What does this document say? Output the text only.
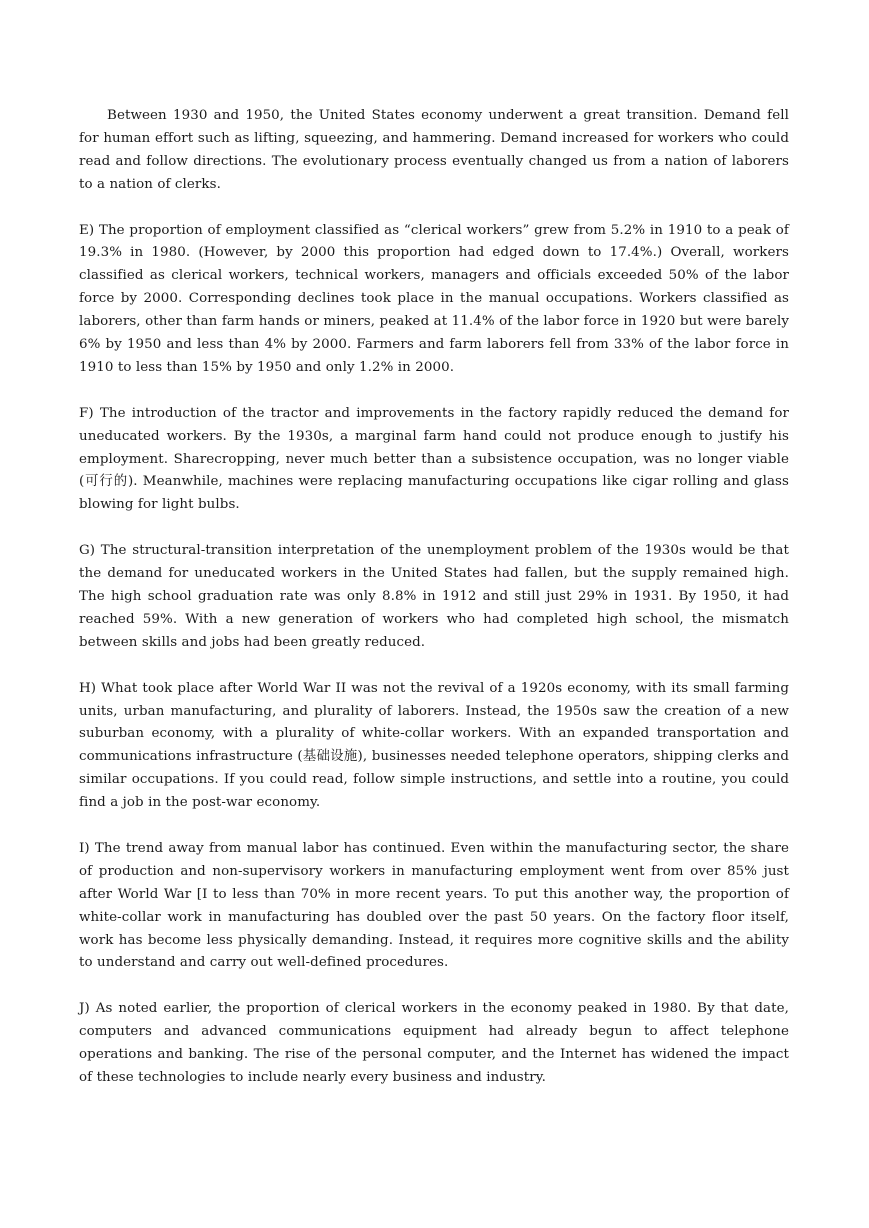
Between 1930 and 1950, the United States economy underwent a great transition. Demand fell for human effort such as lifting, squeezing, and hammering. Demand increased for workers who could read and follow directions. The evolutionary process eventually changed us from a nation of laborers to a nation of clerks.

E) The proportion of employment classified as “clerical workers” grew from 5.2% in 1910 to a peak of 19.3% in 1980. (However, by 2000 this proportion had edged down to 17.4%.) Overall, workers classified as clerical workers, technical workers, managers and officials exceeded 50% of the labor force by 2000. Corresponding declines took place in the manual occupations. Workers classified as laborers, other than farm hands or miners, peaked at 11.4% of the labor force in 1920 but were barely 6% by 1950 and less than 4% by 2000. Farmers and farm laborers fell from 33% of the labor force in 1910 to less than 15% by 1950 and only 1.2% in 2000.

F) The introduction of the tractor and improvements in the factory rapidly reduced the demand for uneducated workers. By the 1930s, a marginal farm hand could not produce enough to justify his employment. Sharecropping, never much better than a subsistence occupation, was no longer viable (可行的). Meanwhile, machines were replacing manufacturing occupations like cigar rolling and glass blowing for light bulbs.

G) The structural-transition interpretation of the unemployment problem of the 1930s would be that the demand for uneducated workers in the United States had fallen, but the supply remained high. The high school graduation rate was only 8.8% in 1912 and still just 29% in 1931. By 1950, it had reached 59%. With a new generation of workers who had completed high school, the mismatch between skills and jobs had been greatly reduced.

H) What took place after World War II was not the revival of a 1920s economy, with its small farming units, urban manufacturing, and plurality of laborers. Instead, the 1950s saw the creation of a new suburban economy, with a plurality of white-collar workers. With an expanded transportation and communications infrastructure (基础设施), businesses needed telephone operators, shipping clerks and similar occupations. If you could read, follow simple instructions, and settle into a routine, you could find a job in the post-war economy.

I) The trend away from manual labor has continued. Even within the manufacturing sector, the share of production and non-supervisory workers in manufacturing employment went from over 85% just after World War [I to less than 70% in more recent years. To put this another way, the proportion of white-collar work in manufacturing has doubled over the past 50 years. On the factory floor itself, work has become less physically demanding. Instead, it requires more cognitive skills and the ability to understand and carry out well-defined procedures.

J) As noted earlier, the proportion of clerical workers in the economy peaked in 1980. By that date, computers and advanced communications equipment had already begun to affect telephone operations and banking. The rise of the personal computer, and the Internet has widened the impact of these technologies to include nearly every business and industry.
